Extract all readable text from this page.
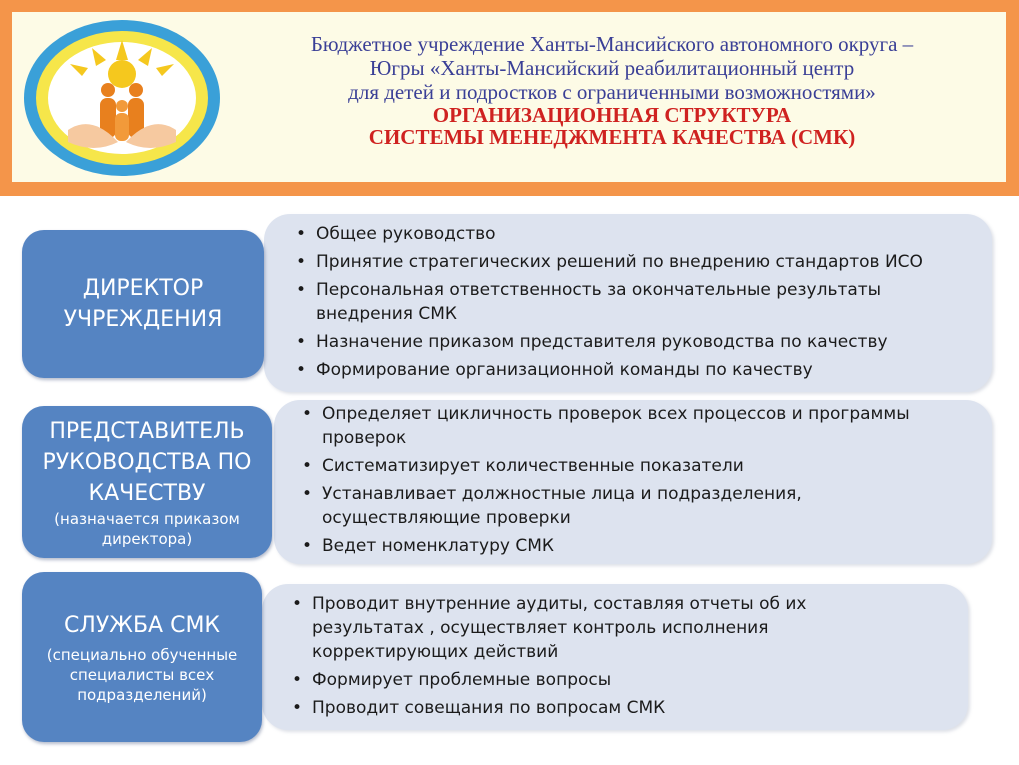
Бюджетное учреждение Ханты-Мансийского автономного округа –
Югры «Ханты-Мансийский реабилитационный центр
для детей и подростков с ограниченными возможностями»
ОРГАНИЗАЦИОННАЯ СТРУКТУРА
СИСТЕМЫ МЕНЕДЖМЕНТА КАЧЕСТВА (СМК)
ДИРЕКТОР УЧРЕЖДЕНИЯ
• Общее руководство
• Принятие стратегических решений по внедрению стандартов ИСО
• Персональная ответственность за окончательные результаты внедрения СМК
• Назначение приказом представителя руководства по качеству
• Формирование организационной команды по качеству
ПРЕДСТАВИТЕЛЬ РУКОВОДСТВА ПО КАЧЕСТВУ
(назначается приказом директора)
• Определяет цикличность проверок всех процессов и программы проверок
• Систематизирует количественные показатели
• Устанавливает должностные лица и подразделения, осуществляющие проверки
• Ведет номенклатуру СМК
СЛУЖБА СМК
(специально обученные специалисты всех подразделений)
• Проводит внутренние аудиты, составляя отчеты об их результатах , осуществляет контроль исполнения корректирующих действий
• Формирует проблемные вопросы
• Проводит совещания по вопросам СМК
